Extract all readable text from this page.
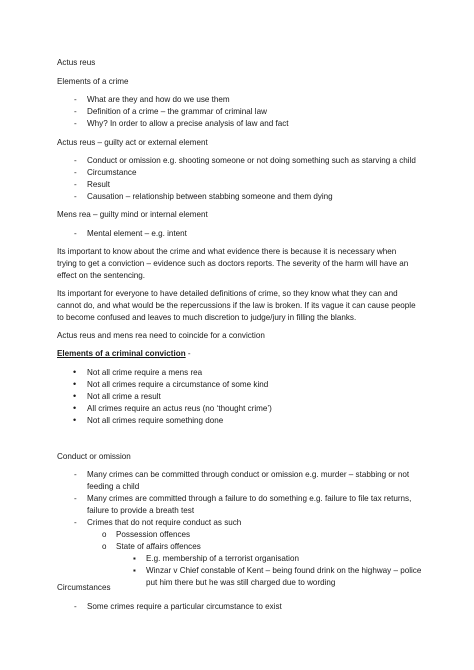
Actus reus
Elements of a crime
- What are they and how do we use them
- Definition of a crime – the grammar of criminal law
- Why? In order to allow a precise analysis of law and fact
Actus reus – guilty act or external element
- Conduct or omission e.g. shooting someone or not doing something such as starving a child
- Circumstance
- Result
- Causation – relationship between stabbing someone and them dying
Mens rea – guilty mind or internal element
- Mental element – e.g. intent
Its important to know about the crime and what evidence there is because it is necessary when
trying to get a conviction – evidence such as doctors reports. The severity of the harm will have an
effect on the sentencing.
Its important for everyone to have detailed definitions of crime, so they know what they can and
cannot do, and what would be the repercussions if the law is broken. If its vague it can cause people
to become confused and leaves to much discretion to judge/jury in filling the blanks.
Actus reus and mens rea need to coincide for a conviction
Elements of a criminal conviction -
• Not all crime require a mens rea
• Not all crimes require a circumstance of some kind
• Not all crime a result
• All crimes require an actus reus (no ‘thought crime’)
• Not all crimes require something done
Conduct or omission
- Many crimes can be committed through conduct or omission e.g. murder – stabbing or not
feeding a child
- Many crimes are committed through a failure to do something e.g. failure to file tax returns,
failure to provide a breath test
- Crimes that do not require conduct as such
o Possession offences
o State of affairs offences
▪ E.g. membership of a terrorist organisation
▪ Winzar v Chief constable of Kent – being found drink on the highway – police
put him there but he was still charged due to wording
Circumstances
- Some crimes require a particular circumstance to exist
